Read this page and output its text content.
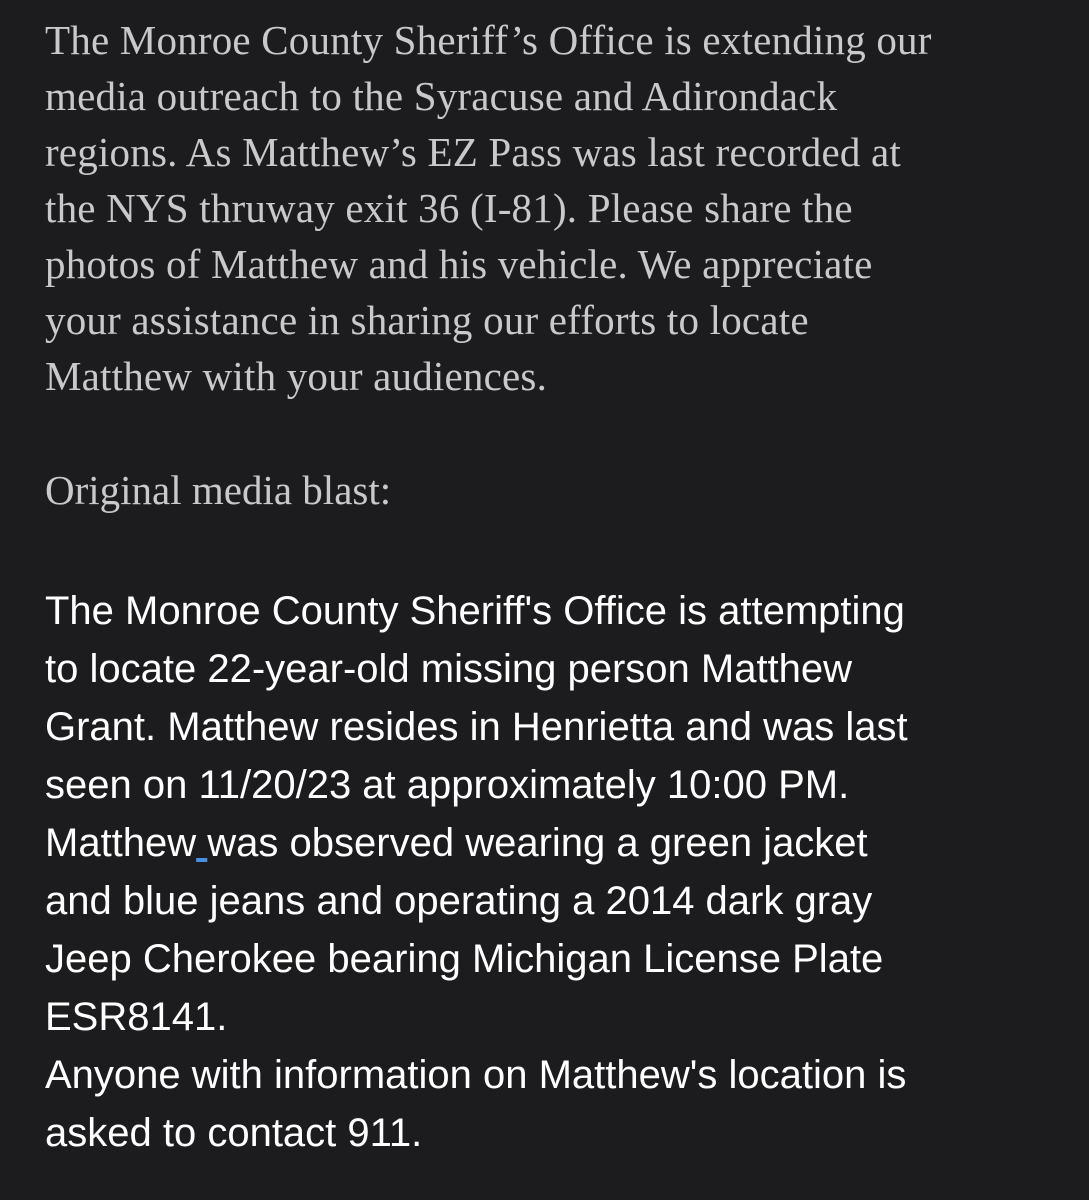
The Monroe County Sheriff’s Office is extending our
media outreach to the Syracuse and Adirondack
regions. As Matthew’s EZ Pass was last recorded at
the NYS thruway exit 36 (I-81). Please share the
photos of Matthew and his vehicle. We appreciate
your assistance in sharing our efforts to locate
Matthew with your audiences.

Original media blast:

The Monroe County Sheriff's Office is attempting
to locate 22-year-old missing person Matthew
Grant. Matthew resides in Henrietta and was last
seen on 11/20/23 at approximately 10:00 PM.
Matthew was observed wearing a green jacket
and blue jeans and operating a 2014 dark gray
Jeep Cherokee bearing Michigan License Plate
ESR8141.
Anyone with information on Matthew's location is
asked to contact 911.
